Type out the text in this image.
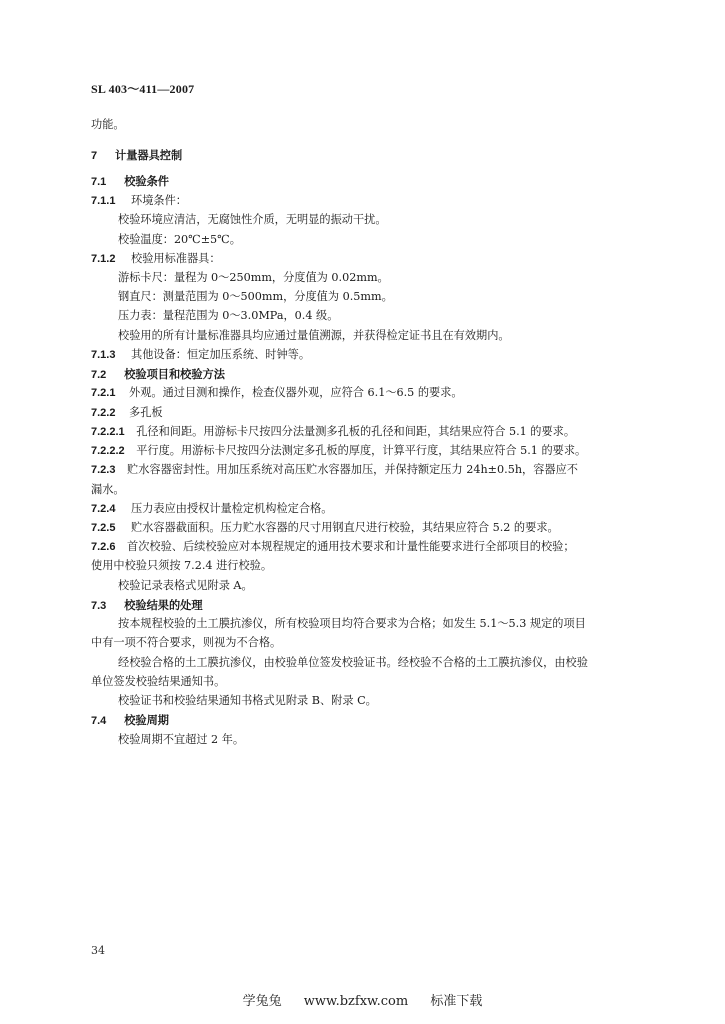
SL 403～411—2007
功能。
7 计量器具控制
7.1 校验条件
7.1.1 环境条件：
校验环境应清洁，无腐蚀性介质，无明显的振动干扰。
校验温度：20℃±5℃。
7.1.2 校验用标准器具：
游标卡尺：量程为 0～250mm，分度值为 0.02mm。
钢直尺：测量范围为 0～500mm，分度值为 0.5mm。
压力表：量程范围为 0～3.0MPa，0.4 级。
校验用的所有计量标准器具均应通过量值溯源，并获得检定证书且在有效期内。
7.1.3 其他设备：恒定加压系统、时钟等。
7.2 校验项目和校验方法
7.2.1 外观。通过目测和操作，检查仪器外观，应符合 6.1～6.5 的要求。
7.2.2 多孔板
7.2.2.1 孔径和间距。用游标卡尺按四分法量测多孔板的孔径和间距，其结果应符合 5.1 的要求。
7.2.2.2 平行度。用游标卡尺按四分法测定多孔板的厚度，计算平行度，其结果应符合 5.1 的要求。
7.2.3 贮水容器密封性。用加压系统对高压贮水容器加压，并保持额定压力 24h±0.5h，容器应不
漏水。
7.2.4 压力表应由授权计量检定机构检定合格。
7.2.5 贮水容器截面积。压力贮水容器的尺寸用钢直尺进行校验，其结果应符合 5.2 的要求。
7.2.6 首次校验、后续校验应对本规程规定的通用技术要求和计量性能要求进行全部项目的校验；
使用中校验只须按 7.2.4 进行校验。
校验记录表格式见附录 A。
7.3 校验结果的处理
按本规程校验的土工膜抗渗仪，所有校验项目均符合要求为合格；如发生 5.1～5.3 规定的项目
中有一项不符合要求，则视为不合格。
经校验合格的土工膜抗渗仪，由校验单位签发校验证书。经校验不合格的土工膜抗渗仪，由校验
单位签发校验结果通知书。
校验证书和校验结果通知书格式见附录 B、附录 C。
7.4 校验周期
校验周期不宜超过 2 年。
34
学兔兔 www.bzfxw.com 标准下载
